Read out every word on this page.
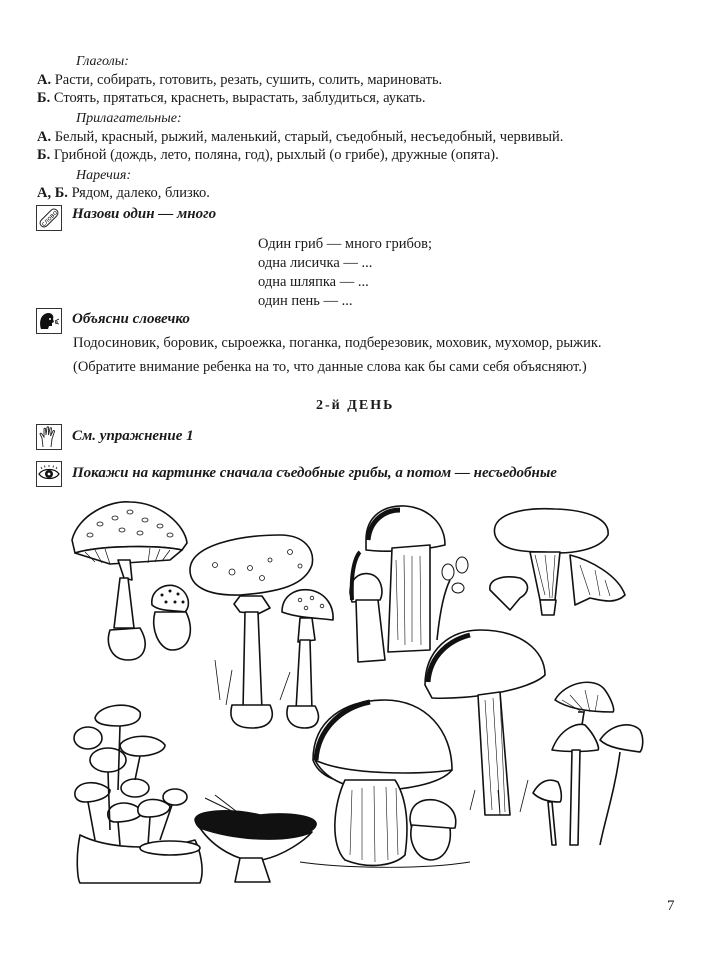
Глаголы:
А. Расти, собирать, готовить, резать, сушить, солить, мариновать.
Б. Стоять, прятаться, краснеть, вырастать, заблудиться, аукать.
Прилагательные:
А. Белый, красный, рыжий, маленький, старый, съедобный, несъедобный, червивый.
Б. Грибной (дождь, лето, поляна, год), рыхлый (о грибе), дружные (опята).
Наречия:
А, Б. Рядом, далеко, близко.
слово Назови один — много
Один гриб — много грибов;
одна лисичка — ...
одна шляпка — ...
один пень — ...
Объясни словечко
Подосиновик, боровик, сыроежка, поганка, подберезовик, моховик, мухомор, рыжик.
(Обратите внимание ребенка на то, что данные слова как бы сами себя объясняют.)
2-й ДЕНЬ
См. упражнение 1
Покажи на картинке сначала съедобные грибы, а потом — несъедобные
7
